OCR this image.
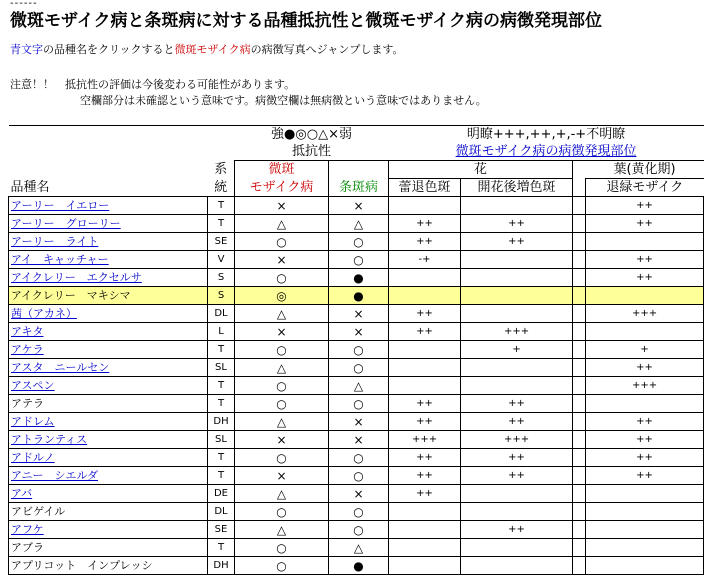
------
微斑モザイク病と条斑病に対する品種抵抗性と微斑モザイク病の病徴発現部位
青文字の品種名をクリックすると微斑モザイク病の病徴写真へジャンプします。
注意！！　抵抗性の評価は今後変わる可能性があります。
空欄部分は未確認という意味です。病徴空欄は無病徴という意味ではありません。
		強●◎○△×弱		明瞭+++,++,+,-+不明瞭			
		抵抗性		微斑モザイク病の病徴発現部位			
	系	微斑		花			葉(黄化期)
品種名	統	モザイク病	条斑病	蕾退色斑	開花後増色斑		退緑モザイク
アーリー　イエロー	T	×	×				++
アーリー　グローリー	T	△	△	++	++		++
アーリー　ライト	SE	○	○	++	++		
アイ　キャッチャー	V	×	○	-+			++
アイクレリー　エクセルサ	S	○	●				++
アイクレリー　マキシマ	S	◎	●				
茜（アカネ）	DL	△	×	++			+++
アキタ	L	×	×	++	+++		
アケラ	T	○	○		+		+
アスタ　ニールセン	SL	△	○				++
アスペン	T	○	△				+++
アテラ	T	○	○	++	++		
アドレム	DH	△	×	++	++		++
アトランティス	SL	×	×	+++	+++		++
アドルノ	T	○	○	++	++		++
アニー　シエルダ	T	×	○	++	++		++
アバ	DE	△	×	++			
アビゲイル	DL	○	○				
アフケ	SE	△	○		++		
アブラ	T	○	△				
アプリコット　インプレッシ	DH	○	●				
